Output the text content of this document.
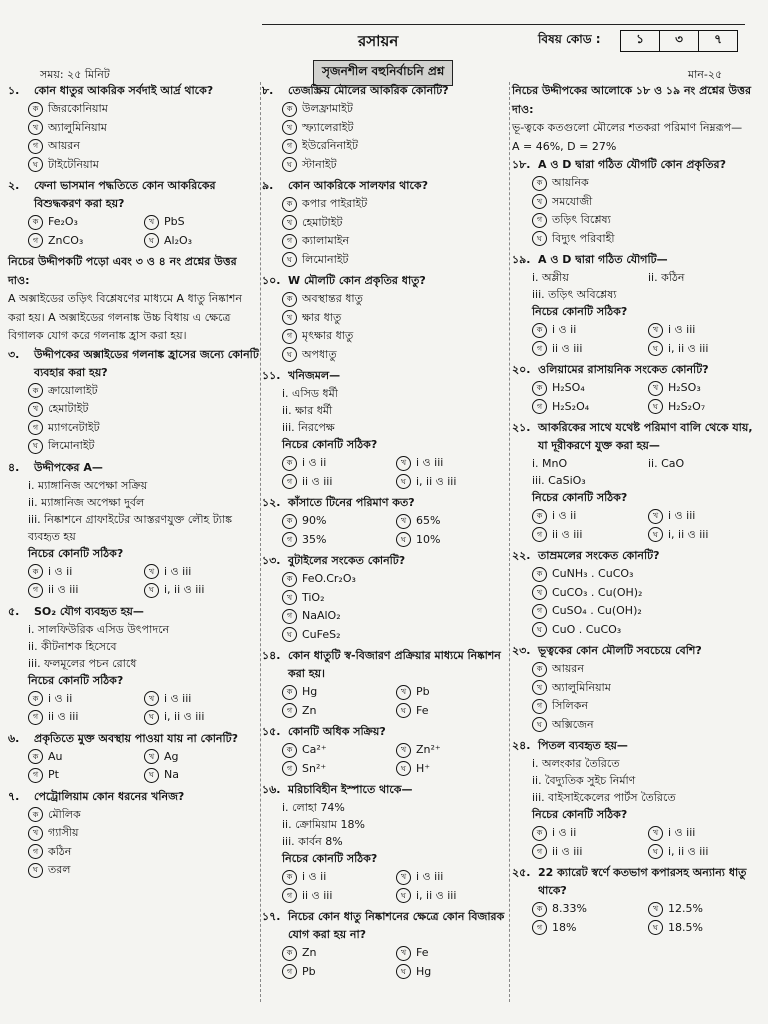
রসায়ন	বিষয় কোড :	১	৩	৭
সময়: ২৫ মিনিট	সৃজনশীল বহুনির্বাচনি প্রশ্ন	মান-২৫
১.	কোন ধাতুর আকরিক সর্বদাই আর্দ্র থাকে?
ক জিরকোনিয়াম
খ অ্যালুমিনিয়াম
গ আয়রন
ঘ টাইটেনিয়াম
২.	ফেনা ভাসমান পদ্ধতিতে কোন আকরিকের বিশুদ্ধকরণ করা হয়?
ক Fe₂O₃	খ PbS
গ ZnCO₃	ঘ Al₂O₃
নিচের উদ্দীপকটি পড়ো এবং ৩ ও ৪ নং প্রশ্নের উত্তর দাও:
A অক্সাইডের তড়িৎ বিশ্লেষণের মাধ্যমে A ধাতু নিষ্কাশন করা হয়। A অক্সাইডের গলনাঙ্ক উচ্চ বিধায় এ ক্ষেত্রে বিগালক যোগ করে গলনাঙ্ক হ্রাস করা হয়।
৩.	উদ্দীপকের অক্সাইডের গলনাঙ্ক হ্রাসের জন্যে কোনটি ব্যবহার করা হয়?
ক ক্রায়োলাইট
খ হেমাটাইট
গ ম্যাগনেটাইট
ঘ লিমোনাইট
৪.	উদ্দীপকের A—
i. ম্যাঙ্গানিজ অপেক্ষা সক্রিয়
ii. ম্যাঙ্গানিজ অপেক্ষা দুর্বল
iii. নিষ্কাশনে গ্রাফাইটের আস্তরণযুক্ত লৌহ ট্যাঙ্ক ব্যবহৃত হয়
নিচের কোনটি সঠিক?
ক i ও ii	খ i ও iii
গ ii ও iii	ঘ i, ii ও iii
৫.	SO₂ যৌগ ব্যবহৃত হয়—
i. সালফিউরিক এসিড উৎপাদনে
ii. কীটনাশক হিসেবে
iii. ফলমূলের পচন রোধে
নিচের কোনটি সঠিক?
ক i ও ii	খ i ও iii
গ ii ও iii	ঘ i, ii ও iii
৬.	প্রকৃতিতে মুক্ত অবস্থায় পাওয়া যায় না কোনটি?
ক Au	খ Ag
গ Pt	ঘ Na
৭.	পেট্রোলিয়াম কোন ধরনের খনিজ?
ক মৌলিক
খ গ্যাসীয়
গ কঠিন
ঘ তরল
৮.	তেজস্ক্রিয় মৌলের আকরিক কোনটি?
ক উলফ্রামাইট
খ স্ফ্যালেরাইট
গ ইউরেনিনাইট
ঘ স্টানাইট
৯.	কোন আকরিকে সালফার থাকে?
ক কপার পাইরাইট
খ হেমাটাইট
গ ক্যালামাইন
ঘ লিমোনাইট
১০. W মৌলটি কোন প্রকৃতির ধাতু?
ক অবস্থান্তর ধাতু
খ ক্ষার ধাতু
গ মৃৎক্ষার ধাতু
ঘ অপধাতু
১১. খনিজমল—
i. এসিড ধর্মী
ii. ক্ষার ধর্মী
iii. নিরপেক্ষ
নিচের কোনটি সঠিক?
ক i ও ii	খ i ও iii
গ ii ও iii	ঘ i, ii ও iii
১২. কাঁসাতে টিনের পরিমাণ কত?
ক 90%	খ 65%
গ 35%	ঘ 10%
১৩. বুটাইলের সংকেত কোনটি?
ক FeO.Cr₂O₃
খ TiO₂
গ NaAlO₂
ঘ CuFeS₂
১৪. কোন ধাতুটি স্ব-বিজারণ প্রক্রিয়ার মাধ্যমে নিষ্কাশন করা হয়।
ক Hg	খ Pb
গ Zn	ঘ Fe
১৫. কোনটি অধিক সক্রিয়?
ক Ca²⁺	খ Zn²⁺
গ Sn²⁺	ঘ H⁺
১৬. মরিচাবিহীন ইস্পাতে থাকে—
i. লোহা 74%
ii. ক্রোমিয়াম 18%
iii. কার্বন 8%
নিচের কোনটি সঠিক?
ক i ও ii	খ i ও iii
গ ii ও iii	ঘ i, ii ও iii
১৭. নিচের কোন ধাতু নিষ্কাশনের ক্ষেত্রে কোন বিজারক যোগ করা হয় না?
ক Zn	খ Fe
গ Pb	ঘ Hg
নিচের উদ্দীপকের আলোকে ১৮ ও ১৯ নং প্রশ্নের উত্তর দাও:
ভূ-ত্বকে কতগুলো মৌলের শতকরা পরিমাণ নিম্নরূপ—
A = 46%, D = 27%
১৮. A ও D দ্বারা গঠিত যৌগটি কোন প্রকৃতির?
ক আয়নিক
খ সমযোজী
গ তড়িৎ বিশ্লেষ্য
ঘ বিদ্যুৎ পরিবাহী
১৯. A ও D দ্বারা গঠিত যৌগটি—
i. অম্লীয়	ii. কঠিন
iii. তড়িৎ অবিশ্লেষ্য
নিচের কোনটি সঠিক?
ক i ও ii	খ i ও iii
গ ii ও iii	ঘ i, ii ও iii
২০. ওলিয়ামের রাসায়নিক সংকেত কোনটি?
ক H₂SO₄	খ H₂SO₃
গ H₂S₂O₄	ঘ H₂S₂O₇
২১. আকরিকের সাথে যথেষ্ট পরিমাণ বালি থেকে যায়, যা দূরীকরণে যুক্ত করা হয়—
i. MnO	ii. CaO
iii. CaSiO₃
নিচের কোনটি সঠিক?
ক i ও ii	খ i ও iii
গ ii ও iii	ঘ i, ii ও iii
২২. তাম্রমলের সংকেত কোনটি?
ক CuNH₃ . CuCO₃
খ CuCO₃ . Cu(OH)₂
গ CuSO₄ . Cu(OH)₂
ঘ CuO . CuCO₃
২৩. ভূত্বকের কোন মৌলটি সবচেয়ে বেশি?
ক আয়রন
খ অ্যালুমিনিয়াম
গ সিলিকন
ঘ অক্সিজেন
২৪. পিতল ব্যবহৃত হয়—
i. অলংকার তৈরিতে
ii. বৈদ্যুতিক সুইচ নির্মাণ
iii. বাইসাইকেলের পার্টস তৈরিতে
নিচের কোনটি সঠিক?
ক i ও ii	খ i ও iii
গ ii ও iii	ঘ i, ii ও iii
২৫. 22 ক্যারেট স্বর্ণে কতভাগ কপারসহ অন্যান্য ধাতু থাকে?
ক 8.33%	খ 12.5%
গ 18%	ঘ 18.5%
